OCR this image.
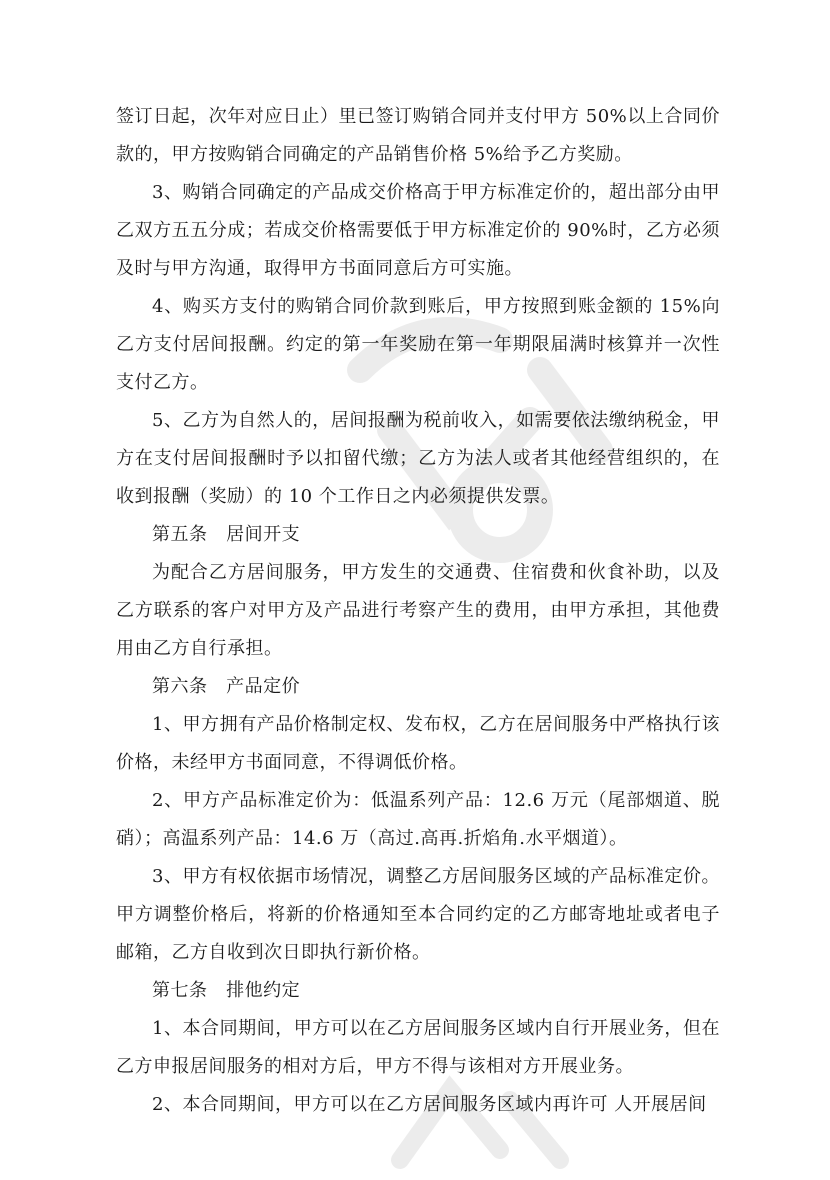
签订日起，次年对应日止）里已签订购销合同并支付甲方 50%以上合同价款的，甲方按购销合同确定的产品销售价格 5%给予乙方奖励。

3、购销合同确定的产品成交价格高于甲方标准定价的，超出部分由甲乙双方五五分成；若成交价格需要低于甲方标准定价的 90%时，乙方必须及时与甲方沟通，取得甲方书面同意后方可实施。

4、购买方支付的购销合同价款到账后，甲方按照到账金额的 15%向乙方支付居间报酬。约定的第一年奖励在第一年期限届满时核算并一次性支付乙方。

5、乙方为自然人的，居间报酬为税前收入，如需要依法缴纳税金，甲方在支付居间报酬时予以扣留代缴；乙方为法人或者其他经营组织的，在收到报酬（奖励）的 10 个工作日之内必须提供发票。

第五条   居间开支

为配合乙方居间服务，甲方发生的交通费、住宿费和伙食补助，以及乙方联系的客户对甲方及产品进行考察产生的费用，由甲方承担，其他费用由乙方自行承担。

第六条   产品定价

1、甲方拥有产品价格制定权、发布权，乙方在居间服务中严格执行该价格，未经甲方书面同意，不得调低价格。

2、甲方产品标准定价为：低温系列产品：12.6 万元（尾部烟道、脱硝）；高温系列产品：14.6 万（高过.高再.折焰角.水平烟道）。

3、甲方有权依据市场情况，调整乙方居间服务区域的产品标准定价。甲方调整价格后，将新的价格通知至本合同约定的乙方邮寄地址或者电子邮箱，乙方自收到次日即执行新价格。

第七条   排他约定

1、本合同期间，甲方可以在乙方居间服务区域内自行开展业务，但在乙方申报居间服务的相对方后，甲方不得与该相对方开展业务。

2、本合同期间，甲方可以在乙方居间服务区域内再许可 人开展居间
